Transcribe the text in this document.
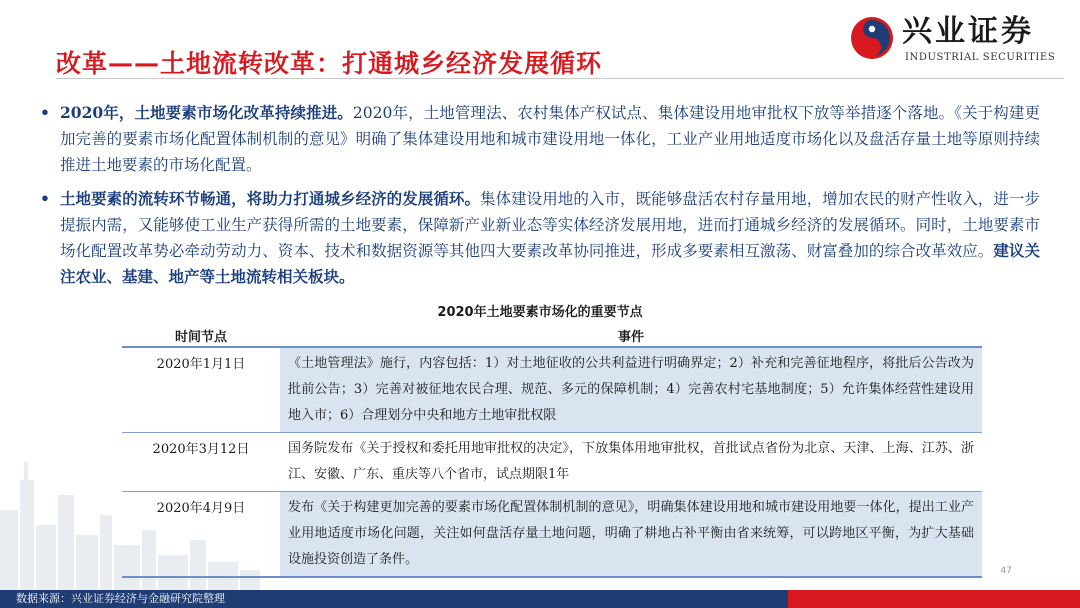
兴业证券
INDUSTRIAL SECURITIES
改革——土地流转改革：打通城乡经济发展循环
• 2020年，土地要素市场化改革持续推进。2020年，土地管理法、农村集体产权试点、集体建设用地审批权下放等举措逐个落地。《关于构建更加完善的要素市场化配置体制机制的意见》明确了集体建设用地和城市建设用地一体化，工业产业用地适度市场化以及盘活存量土地等原则持续推进土地要素的市场化配置。
• 土地要素的流转环节畅通，将助力打通城乡经济的发展循环。集体建设用地的入市，既能够盘活农村存量用地，增加农民的财产性收入，进一步提振内需，又能够使工业生产获得所需的土地要素，保障新产业新业态等实体经济发展用地，进而打通城乡经济的发展循环。同时，土地要素市场化配置改革势必牵动劳动力、资本、技术和数据资源等其他四大要素改革协同推进，形成多要素相互激荡、财富叠加的综合改革效应。建议关注农业、基建、地产等土地流转相关板块。
2020年土地要素市场化的重要节点
时间节点	事件
2020年1月1日	《土地管理法》施行，内容包括：1）对土地征收的公共利益进行明确界定；2）补充和完善征地程序，将批后公告改为批前公告；3）完善对被征地农民合理、规范、多元的保障机制；4）完善农村宅基地制度；5）允许集体经营性建设用地入市；6）合理划分中央和地方土地审批权限
2020年3月12日	国务院发布《关于授权和委托用地审批权的决定》，下放集体用地审批权，首批试点省份为北京、天津、上海、江苏、浙江、安徽、广东、重庆等八个省市，试点期限1年
2020年4月9日	发布《关于构建更加完善的要素市场化配置体制机制的意见》，明确集体建设用地和城市建设用地要一体化，提出工业产业用地适度市场化问题，关注如何盘活存量土地问题，明确了耕地占补平衡由省来统筹，可以跨地区平衡，为扩大基础设施投资创造了条件。
47
数据来源：兴业证券经济与金融研究院整理
